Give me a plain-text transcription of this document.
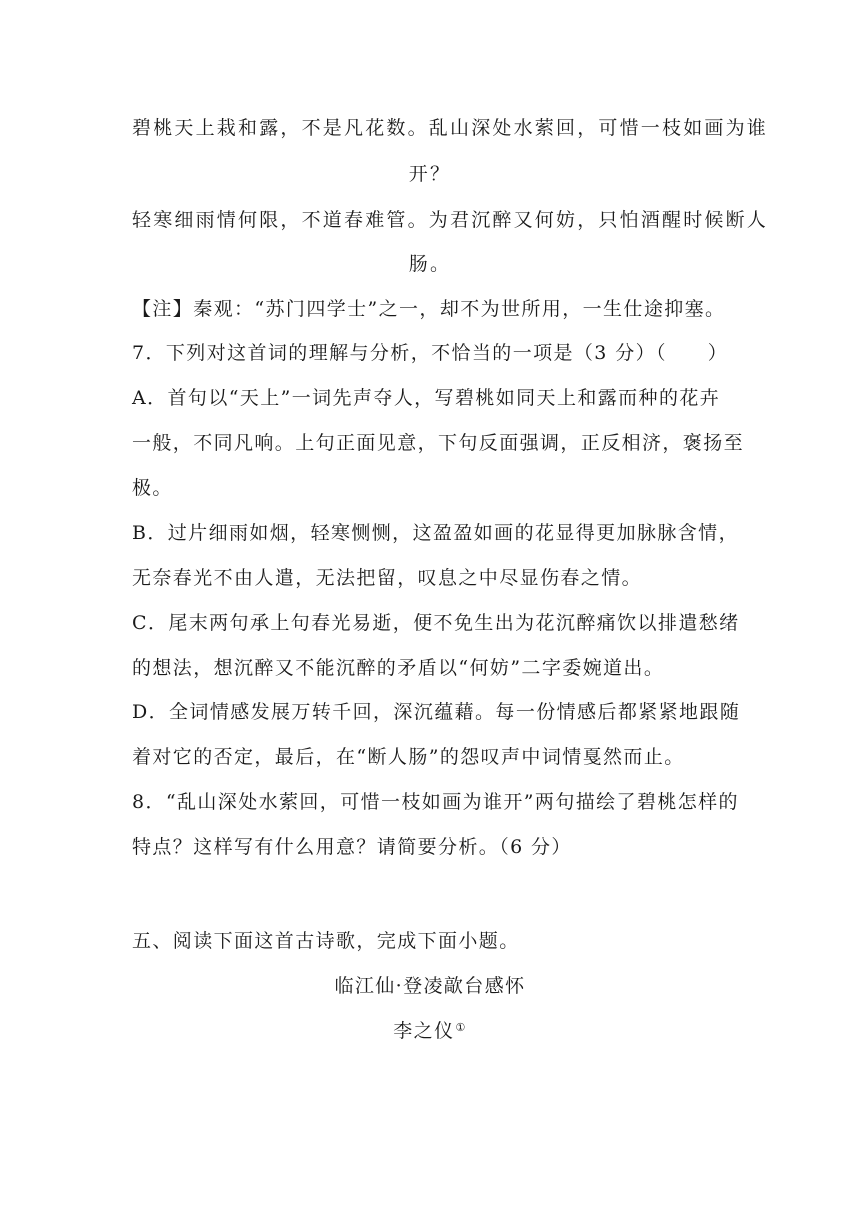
碧桃天上栽和露，不是凡花数。乱山深处水萦回，可惜一枝如画为谁
开？
轻寒细雨情何限，不道春难管。为君沉醉又何妨，只怕酒醒时候断人
肠。
【注】秦观：“苏门四学士”之一，却不为世所用，一生仕途抑塞。
7．下列对这首词的理解与分析，不恰当的一项是（3 分）（　　）
A．首句以“天上”一词先声夺人，写碧桃如同天上和露而种的花卉
一般，不同凡响。上句正面见意，下句反面强调，正反相济，褒扬至
极。
B．过片细雨如烟，轻寒恻恻，这盈盈如画的花显得更加脉脉含情，
无奈春光不由人遣，无法把留，叹息之中尽显伤春之情。
C．尾末两句承上句春光易逝，便不免生出为花沉醉痛饮以排遣愁绪
的想法，想沉醉又不能沉醉的矛盾以“何妨”二字委婉道出。
D．全词情感发展万转千回，深沉蕴藉。每一份情感后都紧紧地跟随
着对它的否定，最后，在“断人肠”的怨叹声中词情戛然而止。
8．“乱山深处水萦回，可惜一枝如画为谁开”两句描绘了碧桃怎样的
特点？这样写有什么用意？请简要分析。（6 分）
五、阅读下面这首古诗歌，完成下面小题。
临江仙·登凌歊台感怀
李之仪①
